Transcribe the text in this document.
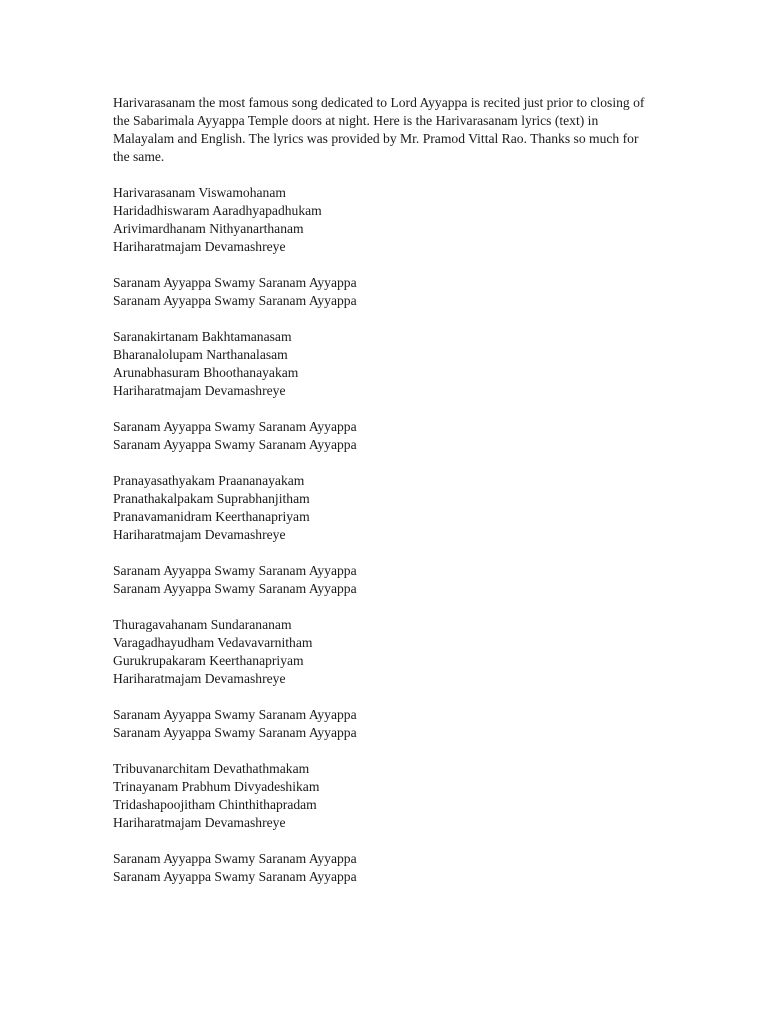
Harivarasanam the most famous song dedicated to Lord Ayyappa is recited just prior to closing of the Sabarimala Ayyappa Temple doors at night. Here is the Harivarasanam lyrics (text) in Malayalam and English. The lyrics was provided by Mr. Pramod Vittal Rao. Thanks so much for the same.

Harivarasanam Viswamohanam
Haridadhiswaram Aaradhyapadhukam
Arivimardhanam Nithyanarthanam
Hariharatmajam Devamashreye
Saranam Ayyappa Swamy Saranam Ayyappa
Saranam Ayyappa Swamy Saranam Ayyappa
Saranakirtanam Bakhtamanasam
Bharanalolupam Narthanalasam
Arunabhasuram Bhoothanayakam
Hariharatmajam Devamashreye
Saranam Ayyappa Swamy Saranam Ayyappa
Saranam Ayyappa Swamy Saranam Ayyappa
Pranayasathyakam Praananayakam
Pranathakalpakam Suprabhanjitham
Pranavamanidram Keerthanapriyam
Hariharatmajam Devamashreye
Saranam Ayyappa Swamy Saranam Ayyappa
Saranam Ayyappa Swamy Saranam Ayyappa
Thuragavahanam Sundarananam
Varagadhayudham Vedavavarnitham
Gurukrupakaram Keerthanapriyam
Hariharatmajam Devamashreye
Saranam Ayyappa Swamy Saranam Ayyappa
Saranam Ayyappa Swamy Saranam Ayyappa
Tribuvanarchitam Devathathmakam
Trinayanam Prabhum Divyadeshikam
Tridashapoojitham Chinthithapradam
Hariharatmajam Devamashreye
Saranam Ayyappa Swamy Saranam Ayyappa
Saranam Ayyappa Swamy Saranam Ayyappa
